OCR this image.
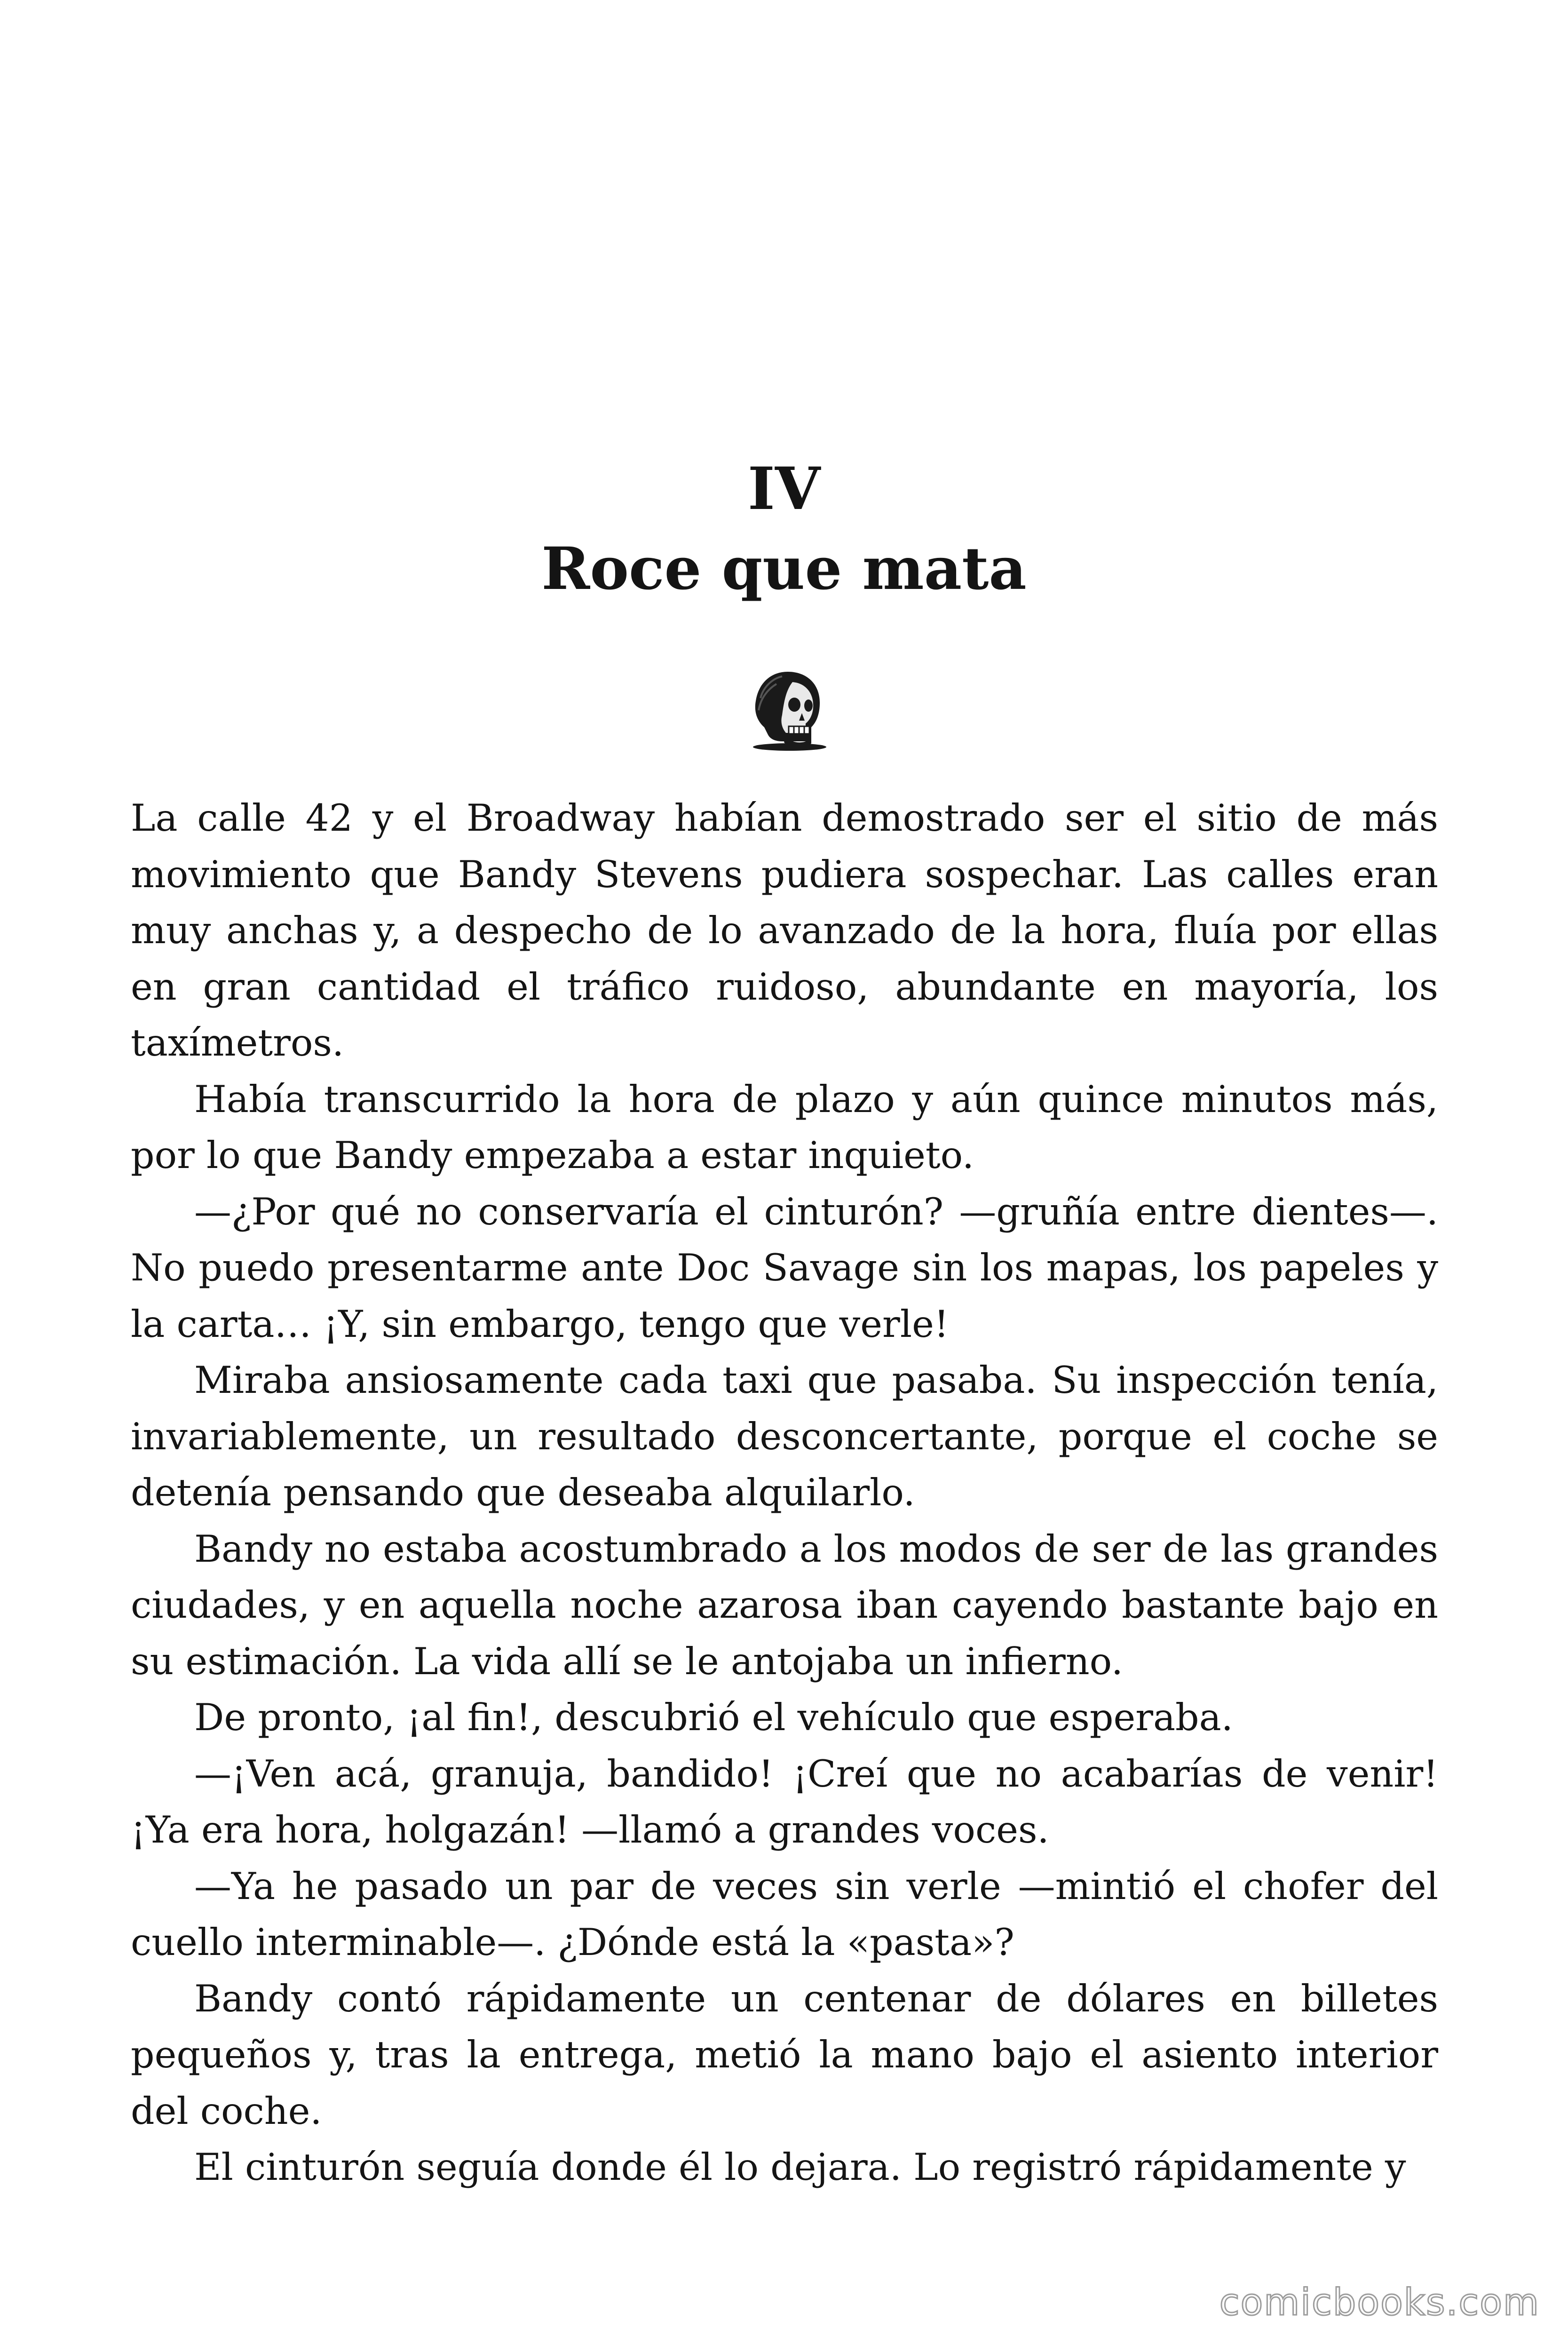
IV
Roce que mata

La calle 42 y el Broadway habían demostrado ser el sitio de más movimiento que Bandy Stevens pudiera sospechar. Las calles eran muy anchas y, a despecho de lo avanzado de la hora, fluía por ellas en gran cantidad el tráfico ruidoso, abundante en mayoría, los taxímetros.

Había transcurrido la hora de plazo y aún quince minutos más, por lo que Bandy empezaba a estar inquieto.

—¿Por qué no conservaría el cinturón? —gruñía entre dientes—. No puedo presentarme ante Doc Savage sin los mapas, los papeles y la carta… ¡Y, sin embargo, tengo que verle!

Miraba ansiosamente cada taxi que pasaba. Su inspección tenía, invariablemente, un resultado desconcertante, porque el coche se detenía pensando que deseaba alquilarlo.

Bandy no estaba acostumbrado a los modos de ser de las grandes ciudades, y en aquella noche azarosa iban cayendo bastante bajo en su estimación. La vida allí se le antojaba un infierno.

De pronto, ¡al fin!, descubrió el vehículo que esperaba.

—¡Ven acá, granuja, bandido! ¡Creí que no acabarías de venir! ¡Ya era hora, holgazán! —llamó a grandes voces.

—Ya he pasado un par de veces sin verle —mintió el chofer del cuello interminable—. ¿Dónde está la «pasta»?

Bandy contó rápidamente un centenar de dólares en billetes pequeños y, tras la entrega, metió la mano bajo el asiento interior del coche.

El cinturón seguía donde él lo dejara. Lo registró rápidamente y

comicbooks.com
